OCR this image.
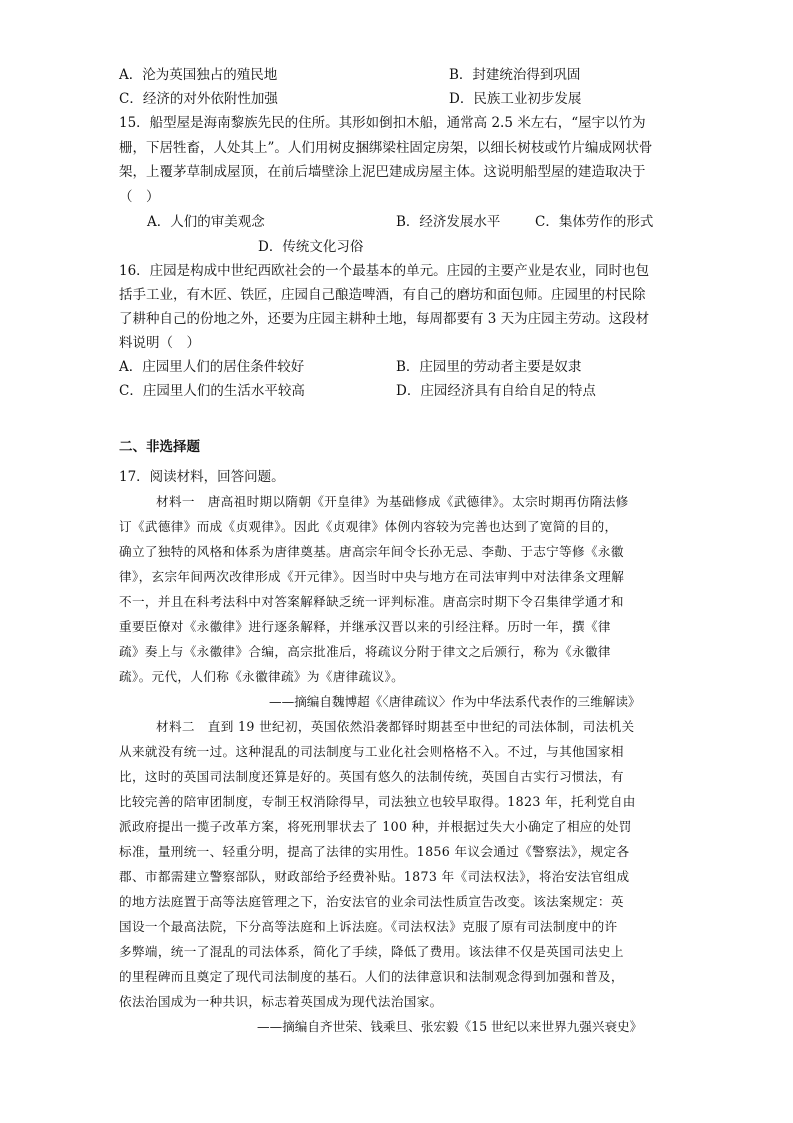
A．沦为英国独占的殖民地	B．封建统治得到巩固
C．经济的对外依附性加强	D．民族工业初步发展
15．船型屋是海南黎族先民的住所。其形如倒扣木船，通常高 2.5 米左右，“屋宇以竹为
栅，下居牲畜，人处其上”。人们用树皮捆绑梁柱固定房架，以细长树枝或竹片编成网状骨
架，上覆茅草制成屋顶，在前后墙壁涂上泥巴建成房屋主体。这说明船型屋的建造取决于
（　）
A．人们的审美观念	B．经济发展水平	C．集体劳作的形式
D．传统文化习俗
16．庄园是构成中世纪西欧社会的一个最基本的单元。庄园的主要产业是农业，同时也包
括手工业，有木匠、铁匠，庄园自己酿造啤酒，有自己的磨坊和面包师。庄园里的村民除
了耕种自己的份地之外，还要为庄园主耕种土地，每周都要有 3 天为庄园主劳动。这段材
料说明（　）
A．庄园里人们的居住条件较好	B．庄园里的劳动者主要是奴隶
C．庄园里人们的生活水平较高	D．庄园经济具有自给自足的特点
二、非选择题
17．阅读材料，回答问题。
材料一　唐高祖时期以隋朝《开皇律》为基础修成《武德律》。太宗时期再仿隋法修
订《武德律》而成《贞观律》。因此《贞观律》体例内容较为完善也达到了宽简的目的，
确立了独特的风格和体系为唐律奠基。唐高宗年间令长孙无忌、李勣、于志宁等修《永徽
律》，玄宗年间两次改律形成《开元律》。因当时中央与地方在司法审判中对法律条文理解
不一，并且在科考法科中对答案解释缺乏统一评判标准。唐高宗时期下令召集律学通才和
重要臣僚对《永徽律》进行逐条解释，并继承汉晋以来的引经注释。历时一年，撰《律
疏》奏上与《永徽律》合编，高宗批准后，将疏议分附于律文之后颁行，称为《永徽律
疏》。元代，人们称《永徽律疏》为《唐律疏议》。
——摘编自魏博超《〈唐律疏议〉作为中华法系代表作的三维解读》
材料二　直到 19 世纪初，英国依然沿袭都铎时期甚至中世纪的司法体制，司法机关
从来就没有统一过。这种混乱的司法制度与工业化社会则格格不入。不过，与其他国家相
比，这时的英国司法制度还算是好的。英国有悠久的法制传统，英国自古实行习惯法，有
比较完善的陪审团制度，专制王权消除得早，司法独立也较早取得。1823 年，托利党自由
派政府提出一揽子改革方案，将死刑罪状去了 100 种，并根据过失大小确定了相应的处罚
标准，量刑统一、轻重分明，提高了法律的实用性。1856 年议会通过《警察法》，规定各
郡、市都需建立警察部队，财政部给予经费补贴。1873 年《司法权法》，将治安法官组成
的地方法庭置于高等法庭管理之下，治安法官的业余司法性质宣告改变。该法案规定：英
国设一个最高法院，下分高等法庭和上诉法庭。《司法权法》克服了原有司法制度中的许
多弊端，统一了混乱的司法体系，简化了手续，降低了费用。该法律不仅是英国司法史上
的里程碑而且奠定了现代司法制度的基石。人们的法律意识和法制观念得到加强和普及，
依法治国成为一种共识，标志着英国成为现代法治国家。
——摘编自齐世荣、钱乘旦、张宏毅《15 世纪以来世界九强兴衰史》
